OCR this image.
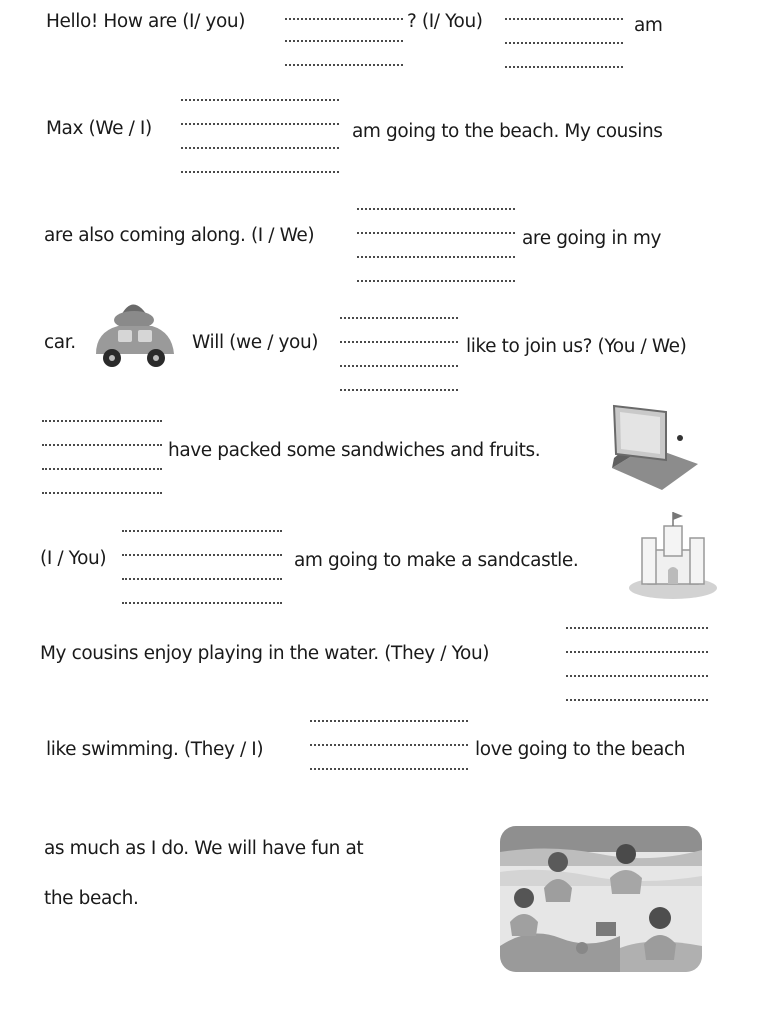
Hello! How are (I/ you)	? (I/ You)	am
Max (We / I)	am going to the beach. My cousins
are also coming along. (I / We)	are going in my
car.	Will (we / you)	like to join us? (You / We)
have packed some sandwiches and fruits.
(I / You)	am going to make a sandcastle.
My cousins enjoy playing in the water. (They / You)
like swimming. (They / I)	love going to the beach
as much as I do. We will have fun at
the beach.
